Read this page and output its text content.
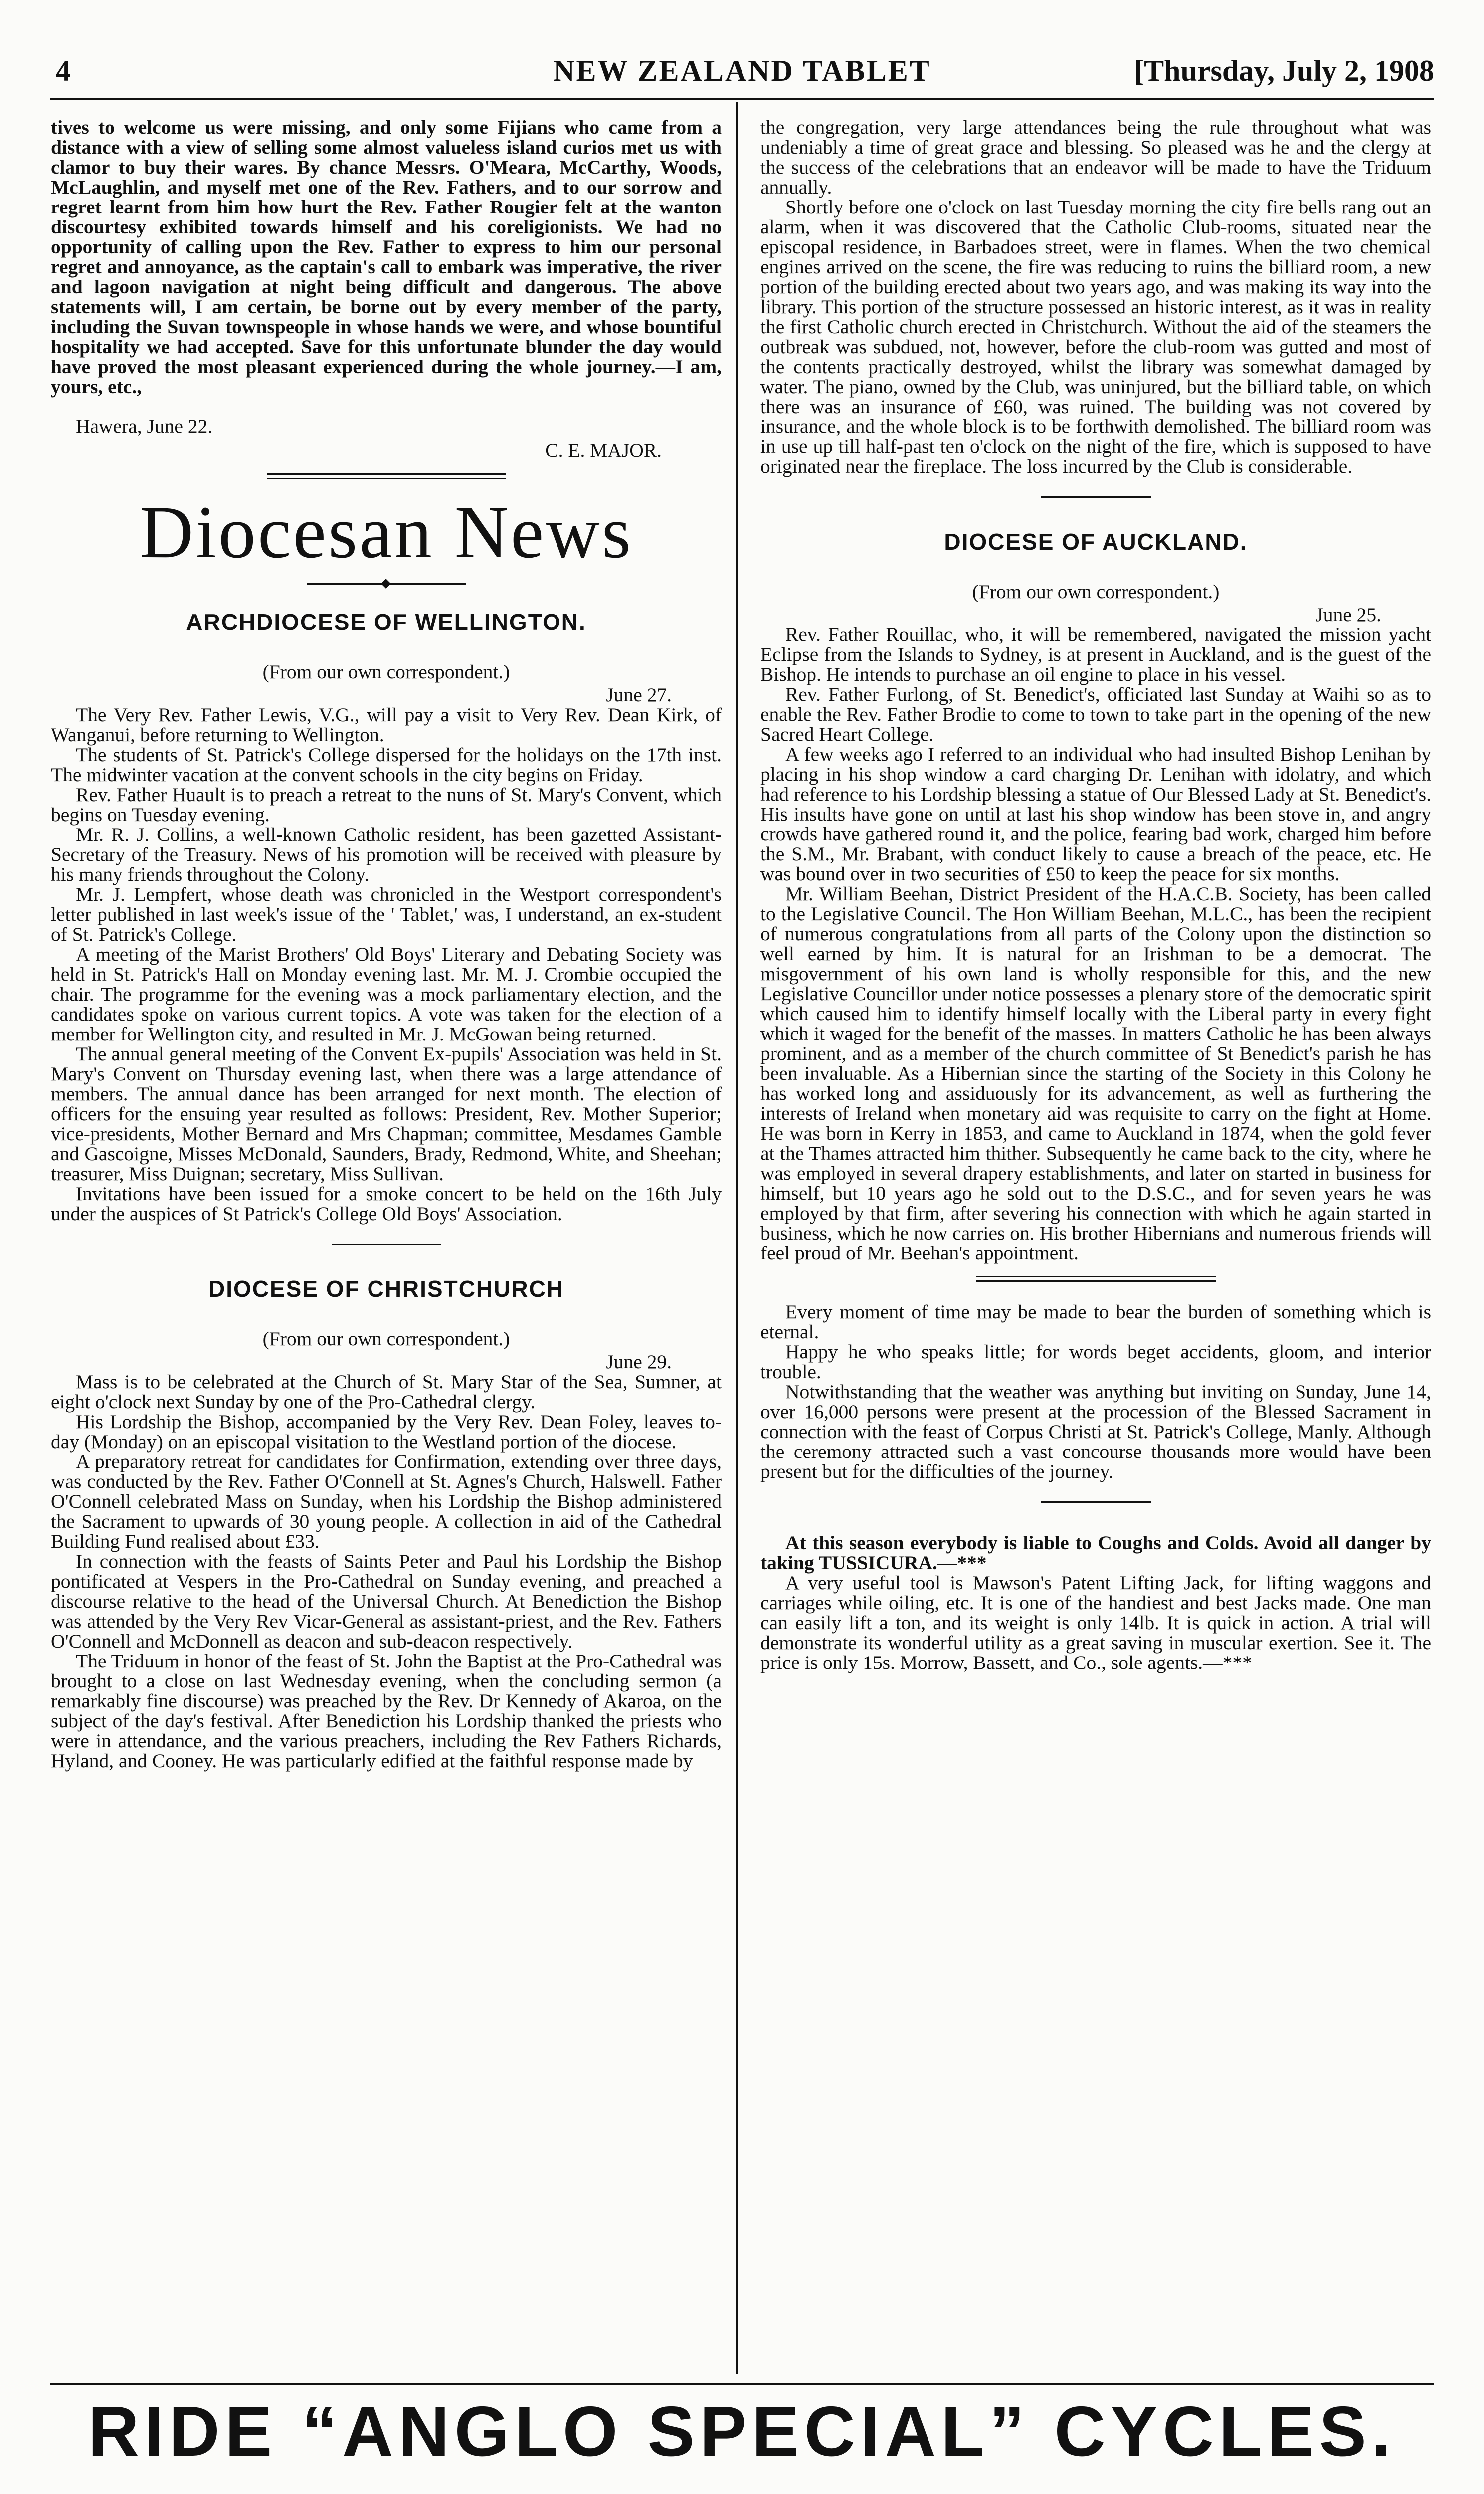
4	NEW ZEALAND TABLET	[Thursday, July 2, 1908

tives to welcome us were missing, and only some Fijians who came from a distance with a view of selling some almost valueless island curios met us with clamor to buy their wares. By chance Messrs. O'Meara, McCarthy, Woods, McLaughlin, and myself met one of the Rev. Fathers, and to our sorrow and regret learnt from him how hurt the Rev. Father Rougier felt at the wanton discourtesy exhibited towards himself and his coreligionists. We had no opportunity of calling upon the Rev. Father to express to him our personal regret and annoyance, as the captain's call to embark was imperative, the river and lagoon navigation at night being difficult and dangerous. The above statements will, I am certain, be borne out by every member of the party, including the Suvan townspeople in whose hands we were, and whose bountiful hospitality we had accepted. Save for this unfortunate blunder the day would have proved the most pleasant experienced during the whole journey.—I am, yours, etc.,

Hawera, June 22.
C. E. MAJOR.
Diocesan News
ARCHDIOCESE OF WELLINGTON.
(From our own correspondent.)
June 27.

The Very Rev. Father Lewis, V.G., will pay a visit to Very Rev. Dean Kirk, of Wanganui, before returning to Wellington.

The students of St. Patrick's College dispersed for the holidays on the 17th inst. The midwinter vacation at the convent schools in the city begins on Friday.

Rev. Father Huault is to preach a retreat to the nuns of St. Mary's Convent, which begins on Tuesday evening.

Mr. R. J. Collins, a well-known Catholic resident, has been gazetted Assistant-Secretary of the Treasury. News of his promotion will be received with pleasure by his many friends throughout the Colony.

Mr. J. Lempfert, whose death was chronicled in the Westport correspondent's letter published in last week's issue of the ' Tablet,' was, I understand, an ex-student of St. Patrick's College.

A meeting of the Marist Brothers' Old Boys' Literary and Debating Society was held in St. Patrick's Hall on Monday evening last. Mr. M. J. Crombie occupied the chair. The programme for the evening was a mock parliamentary election, and the candidates spoke on various current topics. A vote was taken for the election of a member for Wellington city, and resulted in Mr. J. McGowan being returned.

The annual general meeting of the Convent Ex-pupils' Association was held in St. Mary's Convent on Thursday evening last, when there was a large attendance of members. The annual dance has been arranged for next month. The election of officers for the ensuing year resulted as follows: President, Rev. Mother Superior; vice-presidents, Mother Bernard and Mrs Chapman; committee, Mesdames Gamble and Gascoigne, Misses McDonald, Saunders, Brady, Redmond, White, and Sheehan; treasurer, Miss Duignan; secretary, Miss Sullivan.

Invitations have been issued for a smoke concert to be held on the 16th July under the auspices of St Patrick's College Old Boys' Association.

DIOCESE OF CHRISTCHURCH
(From our own correspondent.)
June 29.

Mass is to be celebrated at the Church of St. Mary Star of the Sea, Sumner, at eight o'clock next Sunday by one of the Pro-Cathedral clergy.

His Lordship the Bishop, accompanied by the Very Rev. Dean Foley, leaves to-day (Monday) on an episcopal visitation to the Westland portion of the diocese.

A preparatory retreat for candidates for Confirmation, extending over three days, was conducted by the Rev. Father O'Connell at St. Agnes's Church, Halswell. Father O'Connell celebrated Mass on Sunday, when his Lordship the Bishop administered the Sacrament to upwards of 30 young people. A collection in aid of the Cathedral Building Fund realised about £33.

In connection with the feasts of Saints Peter and Paul his Lordship the Bishop pontificated at Vespers in the Pro-Cathedral on Sunday evening, and preached a discourse relative to the head of the Universal Church. At Benediction the Bishop was attended by the Very Rev Vicar-General as assistant-priest, and the Rev. Fathers O'Connell and McDonnell as deacon and sub-deacon respectively.

The Triduum in honor of the feast of St. John the Baptist at the Pro-Cathedral was brought to a close on last Wednesday evening, when the concluding sermon (a remarkably fine discourse) was preached by the Rev. Dr Kennedy of Akaroa, on the subject of the day's festival. After Benediction his Lordship thanked the priests who were in attendance, and the various preachers, including the Rev Fathers Richards, Hyland, and Cooney. He was particularly edified at the faithful response made by

the congregation, very large attendances being the rule throughout what was undeniably a time of great grace and blessing. So pleased was he and the clergy at the success of the celebrations that an endeavor will be made to have the Triduum annually.

Shortly before one o'clock on last Tuesday morning the city fire bells rang out an alarm, when it was discovered that the Catholic Club-rooms, situated near the episcopal residence, in Barbadoes street, were in flames. When the two chemical engines arrived on the scene, the fire was reducing to ruins the billiard room, a new portion of the building erected about two years ago, and was making its way into the library. This portion of the structure possessed an historic interest, as it was in reality the first Catholic church erected in Christchurch. Without the aid of the steamers the outbreak was subdued, not, however, before the club-room was gutted and most of the contents practically destroyed, whilst the library was somewhat damaged by water. The piano, owned by the Club, was uninjured, but the billiard table, on which there was an insurance of £60, was ruined. The building was not covered by insurance, and the whole block is to be forthwith demolished. The billiard room was in use up till half-past ten o'clock on the night of the fire, which is supposed to have originated near the fireplace. The loss incurred by the Club is considerable.

DIOCESE OF AUCKLAND.
(From our own correspondent.)
June 25.

Rev. Father Rouillac, who, it will be remembered, navigated the mission yacht Eclipse from the Islands to Sydney, is at present in Auckland, and is the guest of the Bishop. He intends to purchase an oil engine to place in his vessel.

Rev. Father Furlong, of St. Benedict's, officiated last Sunday at Waihi so as to enable the Rev. Father Brodie to come to town to take part in the opening of the new Sacred Heart College.

A few weeks ago I referred to an individual who had insulted Bishop Lenihan by placing in his shop window a card charging Dr. Lenihan with idolatry, and which had reference to his Lordship blessing a statue of Our Blessed Lady at St. Benedict's. His insults have gone on until at last his shop window has been stove in, and angry crowds have gathered round it, and the police, fearing bad work, charged him before the S.M., Mr. Brabant, with conduct likely to cause a breach of the peace, etc. He was bound over in two securities of £50 to keep the peace for six months.

Mr. William Beehan, District President of the H.A.C.B. Society, has been called to the Legislative Council. The Hon William Beehan, M.L.C., has been the recipient of numerous congratulations from all parts of the Colony upon the distinction so well earned by him. It is natural for an Irishman to be a democrat. The misgovernment of his own land is wholly responsible for this, and the new Legislative Councillor under notice possesses a plenary store of the democratic spirit which caused him to identify himself locally with the Liberal party in every fight which it waged for the benefit of the masses. In matters Catholic he has been always prominent, and as a member of the church committee of St Benedict's parish he has been invaluable. As a Hibernian since the starting of the Society in this Colony he has worked long and assiduously for its advancement, as well as furthering the interests of Ireland when monetary aid was requisite to carry on the fight at Home. He was born in Kerry in 1853, and came to Auckland in 1874, when the gold fever at the Thames attracted him thither. Subsequently he came back to the city, where he was employed in several drapery establishments, and later on started in business for himself, but 10 years ago he sold out to the D.S.C., and for seven years he was employed by that firm, after severing his connection with which he again started in business, which he now carries on. His brother Hibernians and numerous friends will feel proud of Mr. Beehan's appointment.

Every moment of time may be made to bear the burden of something which is eternal.

Happy he who speaks little; for words beget accidents, gloom, and interior trouble.

Notwithstanding that the weather was anything but inviting on Sunday, June 14, over 16,000 persons were present at the procession of the Blessed Sacrament in connection with the feast of Corpus Christi at St. Patrick's College, Manly. Although the ceremony attracted such a vast concourse thousands more would have been present but for the difficulties of the journey.

At this season everybody is liable to Coughs and Colds. Avoid all danger by taking TUSSICURA.—***

A very useful tool is Mawson's Patent Lifting Jack, for lifting waggons and carriages while oiling, etc. It is one of the handiest and best Jacks made. One man can easily lift a ton, and its weight is only 14lb. It is quick in action. A trial will demonstrate its wonderful utility as a great saving in muscular exertion. See it. The price is only 15s. Morrow, Bassett, and Co., sole agents.—***

RIDE “ANGLO SPECIAL” CYCLES.
